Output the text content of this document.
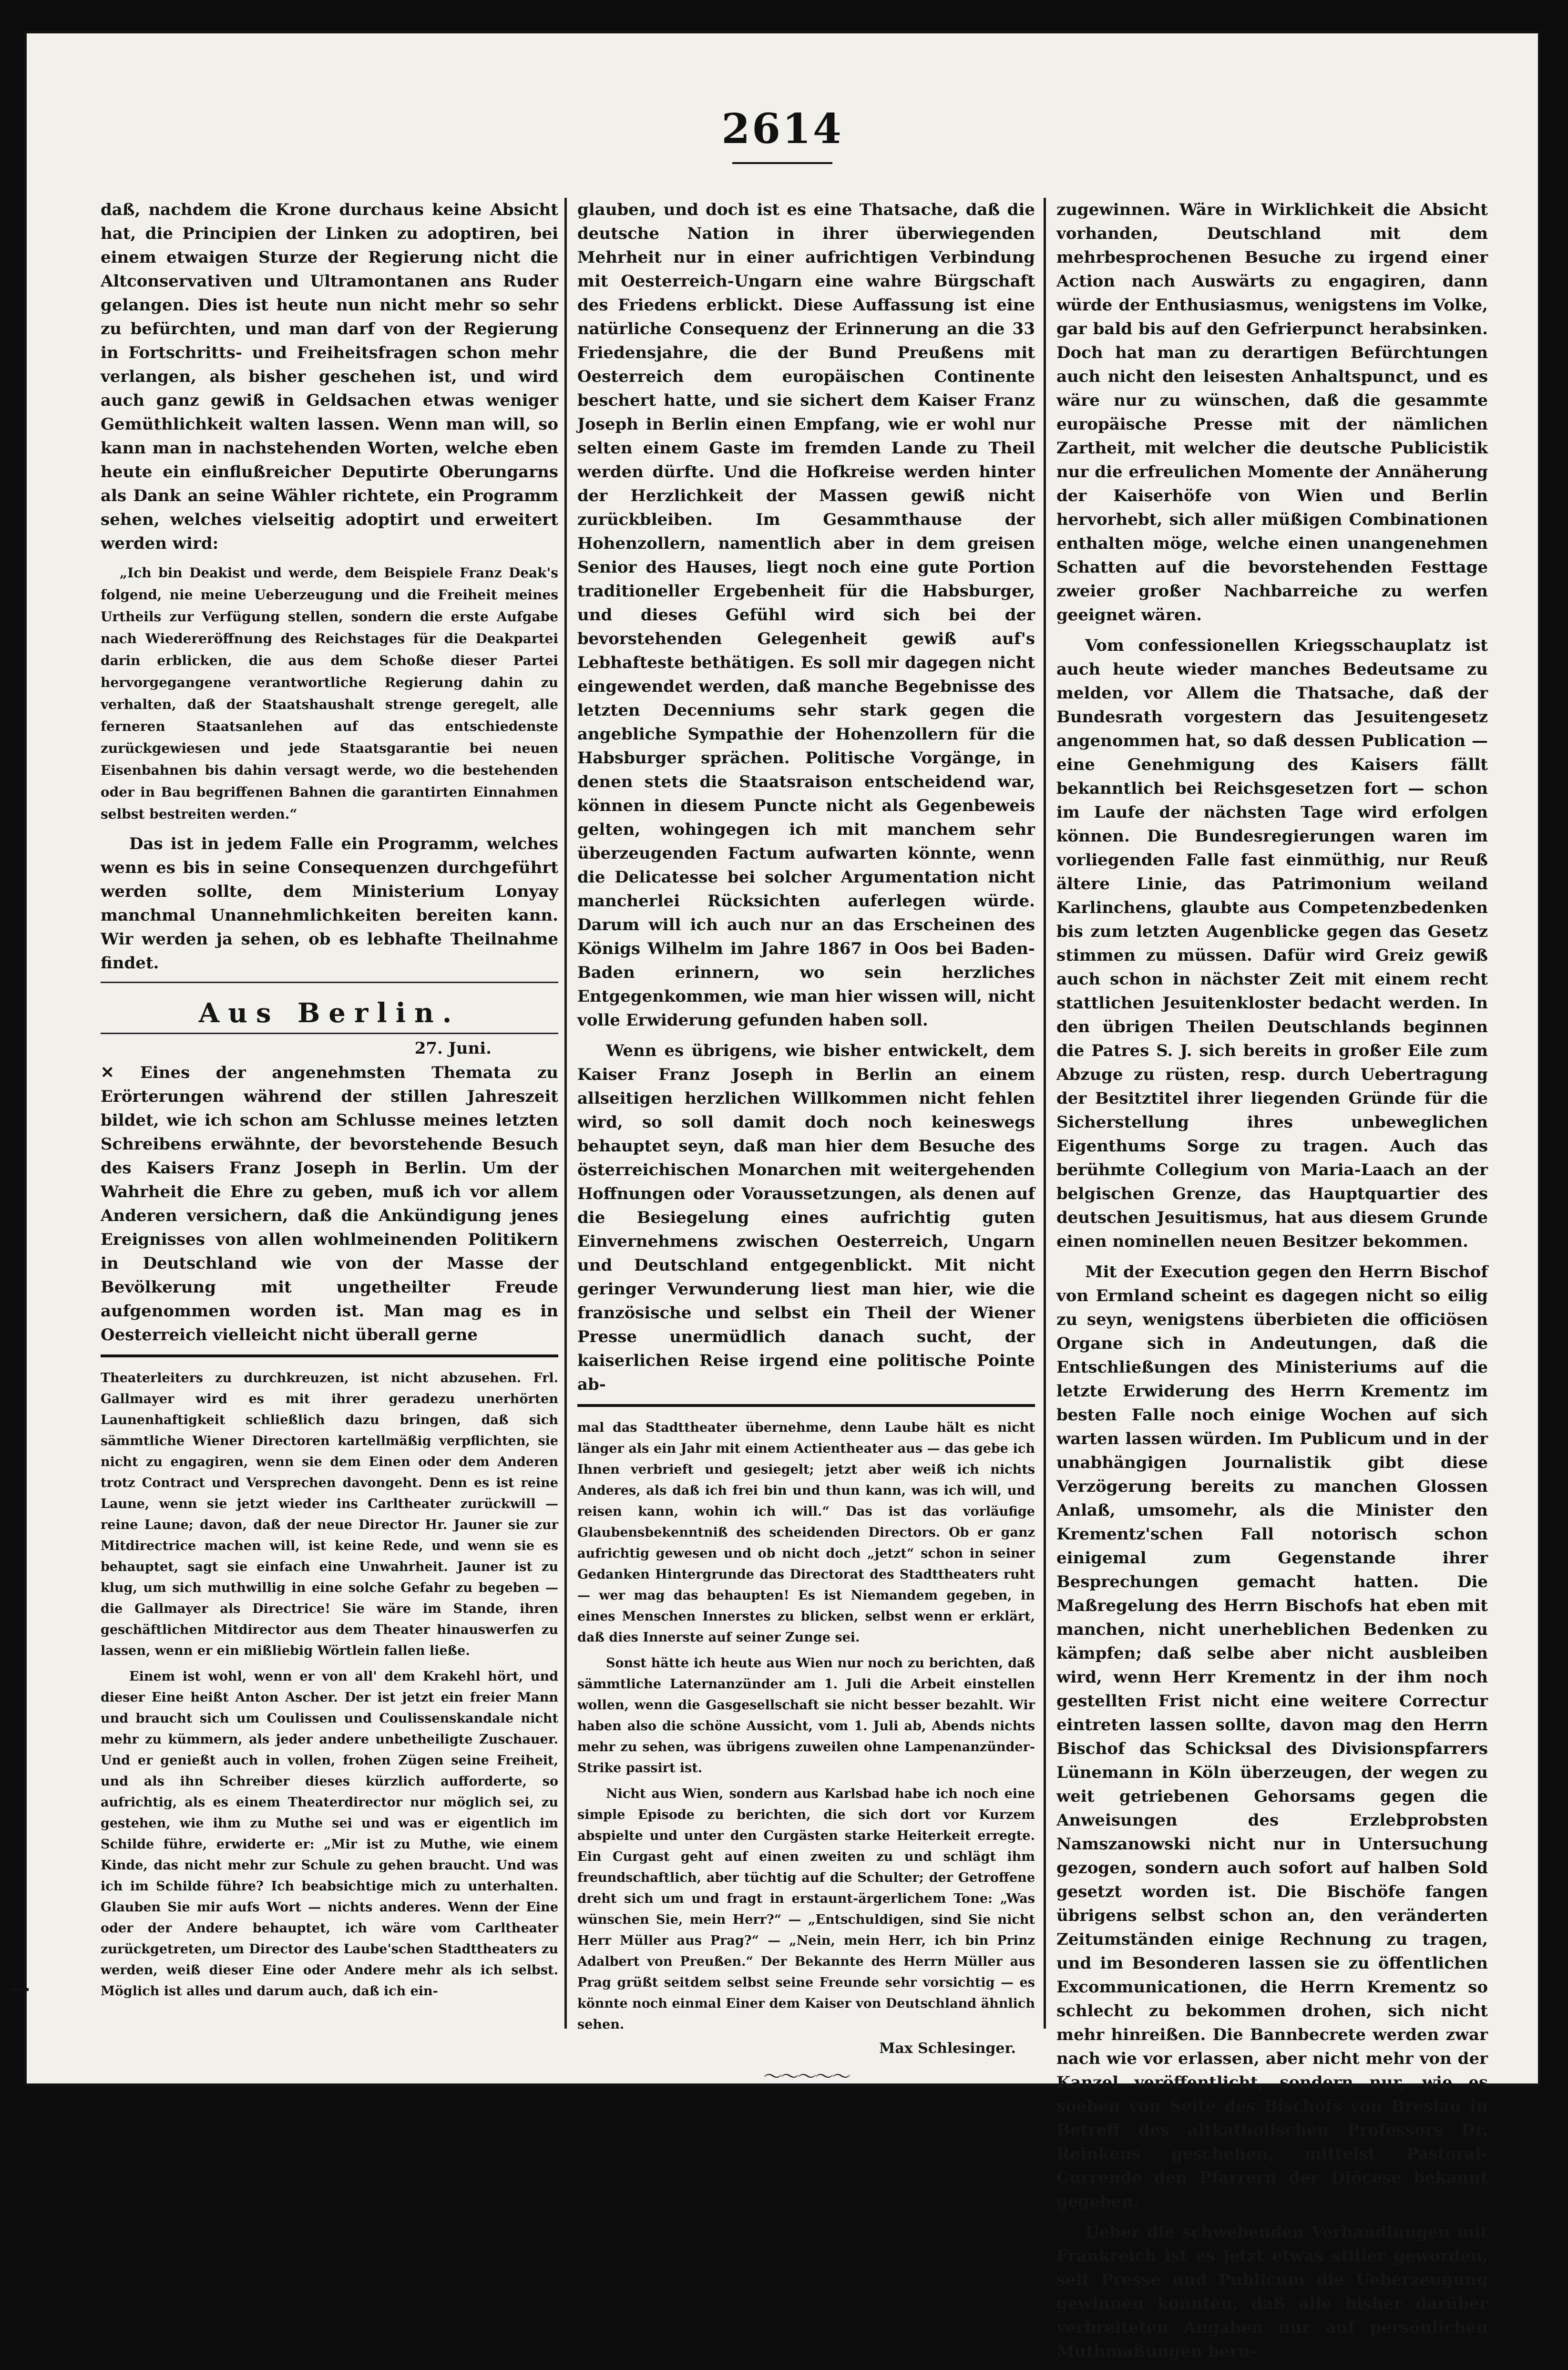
2614

daß, nachdem die Krone durchaus keine Absicht hat, die Principien der Linken zu adoptiren, bei einem etwaigen Sturze der Regierung nicht die Altconservativen und Ultramontanen ans Ruder gelangen. Dies ist heute nun nicht mehr so sehr zu befürchten, und man darf von der Regierung in Fortschritts- und Freiheitsfragen schon mehr verlangen, als bisher geschehen ist, und wird auch ganz gewiß in Geldsachen etwas weniger Gemüthlichkeit walten lassen. Wenn man will, so kann man in nachstehenden Worten, welche eben heute ein einflußreicher Deputirte Oberungarns als Dank an seine Wähler richtete, ein Programm sehen, welches vielseitig adoptirt und erweitert werden wird:

„Ich bin Deakist und werde, dem Beispiele Franz Deak's folgend, nie meine Ueberzeugung und die Freiheit meines Urtheils zur Verfügung stellen, sondern die erste Aufgabe nach Wiedereröffnung des Reichstages für die Deakpartei darin erblicken, die aus dem Schoße dieser Partei hervorgegangene verantwortliche Regierung dahin zu verhalten, daß der Staatshaushalt strenge geregelt, alle ferneren Staatsanlehen auf das entschiedenste zurückgewiesen und jede Staatsgarantie bei neuen Eisenbahnen bis dahin versagt werde, wo die bestehenden oder in Bau begriffenen Bahnen die garantirten Einnahmen selbst bestreiten werden.“

Das ist in jedem Falle ein Programm, welches wenn es bis in seine Consequenzen durchgeführt werden sollte, dem Ministerium Lonyay manchmal Unannehmlichkeiten bereiten kann. Wir werden ja sehen, ob es lebhafte Theilnahme findet.

Aus Berlin.
27. Juni.

✕ Eines der angenehmsten Themata zu Erörterungen während der stillen Jahreszeit bildet, wie ich schon am Schlusse meines letzten Schreibens erwähnte, der bevorstehende Besuch des Kaisers Franz Joseph in Berlin. Um der Wahrheit die Ehre zu geben, muß ich vor allem Anderen versichern, daß die Ankündigung jenes Ereignisses von allen wohlmeinenden Politikern in Deutschland wie von der Masse der Bevölkerung mit ungetheilter Freude aufgenommen worden ist. Man mag es in Oesterreich vielleicht nicht überall gerne

Theaterleiters zu durchkreuzen, ist nicht abzusehen. Frl. Gallmayer wird es mit ihrer geradezu unerhörten Launenhaftigkeit schließlich dazu bringen, daß sich sämmtliche Wiener Directoren kartellmäßig verpflichten, sie nicht zu engagiren, wenn sie dem Einen oder dem Anderen trotz Contract und Versprechen davongeht. Denn es ist reine Laune, wenn sie jetzt wieder ins Carltheater zurückwill — reine Laune; davon, daß der neue Director Hr. Jauner sie zur Mitdirectrice machen will, ist keine Rede, und wenn sie es behauptet, sagt sie einfach eine Unwahrheit. Jauner ist zu klug, um sich muthwillig in eine solche Gefahr zu begeben — die Gallmayer als Directrice! Sie wäre im Stande, ihren geschäftlichen Mitdirector aus dem Theater hinauswerfen zu lassen, wenn er ein mißliebig Wörtlein fallen ließe.

Einem ist wohl, wenn er von all' dem Krakehl hört, und dieser Eine heißt Anton Ascher. Der ist jetzt ein freier Mann und braucht sich um Coulissen und Coulissenskandale nicht mehr zu kümmern, als jeder andere unbetheiligte Zuschauer. Und er genießt auch in vollen, frohen Zügen seine Freiheit, und als ihn Schreiber dieses kürzlich aufforderte, so aufrichtig, als es einem Theaterdirector nur möglich sei, zu gestehen, wie ihm zu Muthe sei und was er eigentlich im Schilde führe, erwiderte er: „Mir ist zu Muthe, wie einem Kinde, das nicht mehr zur Schule zu gehen braucht. Und was ich im Schilde führe? Ich beabsichtige mich zu unterhalten. Glauben Sie mir aufs Wort — nichts anderes. Wenn der Eine oder der Andere behauptet, ich wäre vom Carltheater zurückgetreten, um Director des Laube'schen Stadttheaters zu werden, weiß dieser Eine oder Andere mehr als ich selbst. Möglich ist alles und darum auch, daß ich ein-

glauben, und doch ist es eine Thatsache, daß die deutsche Nation in ihrer überwiegenden Mehrheit nur in einer aufrichtigen Verbindung mit Oesterreich-Ungarn eine wahre Bürgschaft des Friedens erblickt. Diese Auffassung ist eine natürliche Consequenz der Erinnerung an die 33 Friedensjahre, die der Bund Preußens mit Oesterreich dem europäischen Continente beschert hatte, und sie sichert dem Kaiser Franz Joseph in Berlin einen Empfang, wie er wohl nur selten einem Gaste im fremden Lande zu Theil werden dürfte. Und die Hofkreise werden hinter der Herzlichkeit der Massen gewiß nicht zurückbleiben. Im Gesammthause der Hohenzollern, namentlich aber in dem greisen Senior des Hauses, liegt noch eine gute Portion traditioneller Ergebenheit für die Habsburger, und dieses Gefühl wird sich bei der bevorstehenden Gelegenheit gewiß auf's Lebhafteste bethätigen. Es soll mir dagegen nicht eingewendet werden, daß manche Begebnisse des letzten Decenniums sehr stark gegen die angebliche Sympathie der Hohenzollern für die Habsburger sprächen. Politische Vorgänge, in denen stets die Staatsraison entscheidend war, können in diesem Puncte nicht als Gegenbeweis gelten, wohingegen ich mit manchem sehr überzeugenden Factum aufwarten könnte, wenn die Delicatesse bei solcher Argumentation nicht mancherlei Rücksichten auferlegen würde. Darum will ich auch nur an das Erscheinen des Königs Wilhelm im Jahre 1867 in Oos bei Baden-Baden erinnern, wo sein herzliches Entgegenkommen, wie man hier wissen will, nicht volle Erwiderung gefunden haben soll.

Wenn es übrigens, wie bisher entwickelt, dem Kaiser Franz Joseph in Berlin an einem allseitigen herzlichen Willkommen nicht fehlen wird, so soll damit doch noch keineswegs behauptet seyn, daß man hier dem Besuche des österreichischen Monarchen mit weitergehenden Hoffnungen oder Voraussetzungen, als denen auf die Besiegelung eines aufrichtig guten Einvernehmens zwischen Oesterreich, Ungarn und Deutschland entgegenblickt. Mit nicht geringer Verwunderung liest man hier, wie die französische und selbst ein Theil der Wiener Presse unermüdlich danach sucht, der kaiserlichen Reise irgend eine politische Pointe ab-

mal das Stadttheater übernehme, denn Laube hält es nicht länger als ein Jahr mit einem Actientheater aus — das gebe ich Ihnen verbrieft und gesiegelt; jetzt aber weiß ich nichts Anderes, als daß ich frei bin und thun kann, was ich will, und reisen kann, wohin ich will.“ Das ist das vorläufige Glaubensbekenntniß des scheidenden Directors. Ob er ganz aufrichtig gewesen und ob nicht doch „jetzt“ schon in seiner Gedanken Hintergrunde das Directorat des Stadttheaters ruht — wer mag das behaupten! Es ist Niemandem gegeben, in eines Menschen Innerstes zu blicken, selbst wenn er erklärt, daß dies Innerste auf seiner Zunge sei.

Sonst hätte ich heute aus Wien nur noch zu berichten, daß sämmtliche Laternanzünder am 1. Juli die Arbeit einstellen wollen, wenn die Gasgesellschaft sie nicht besser bezahlt. Wir haben also die schöne Aussicht, vom 1. Juli ab, Abends nichts mehr zu sehen, was übrigens zuweilen ohne Lampenanzünder-Strike passirt ist.

Nicht aus Wien, sondern aus Karlsbad habe ich noch eine simple Episode zu berichten, die sich dort vor Kurzem abspielte und unter den Curgästen starke Heiterkeit erregte. Ein Curgast geht auf einen zweiten zu und schlägt ihm freundschaftlich, aber tüchtig auf die Schulter; der Getroffene dreht sich um und fragt in erstaunt-ärgerlichem Tone: „Was wünschen Sie, mein Herr?“ — „Entschuldigen, sind Sie nicht Herr Müller aus Prag?“ — „Nein, mein Herr, ich bin Prinz Adalbert von Preußen.“ Der Bekannte des Herrn Müller aus Prag grüßt seitdem selbst seine Freunde sehr vorsichtig — es könnte noch einmal Einer dem Kaiser von Deutschland ähnlich sehen.

Max Schlesinger.
～～～～～

zugewinnen. Wäre in Wirklichkeit die Absicht vorhanden, Deutschland mit dem mehrbesprochenen Besuche zu irgend einer Action nach Auswärts zu engagiren, dann würde der Enthusiasmus, wenigstens im Volke, gar bald bis auf den Gefrierpunct herabsinken. Doch hat man zu derartigen Befürchtungen auch nicht den leisesten Anhaltspunct, und es wäre nur zu wünschen, daß die gesammte europäische Presse mit der nämlichen Zartheit, mit welcher die deutsche Publicistik nur die erfreulichen Momente der Annäherung der Kaiserhöfe von Wien und Berlin hervorhebt, sich aller müßigen Combinationen enthalten möge, welche einen unangenehmen Schatten auf die bevorstehenden Festtage zweier großer Nachbarreiche zu werfen geeignet wären.

Vom confessionellen Kriegsschauplatz ist auch heute wieder manches Bedeutsame zu melden, vor Allem die Thatsache, daß der Bundesrath vorgestern das Jesuitengesetz angenommen hat, so daß dessen Publication — eine Genehmigung des Kaisers fällt bekanntlich bei Reichsgesetzen fort — schon im Laufe der nächsten Tage wird erfolgen können. Die Bundesregierungen waren im vorliegenden Falle fast einmüthig, nur Reuß ältere Linie, das Patrimonium weiland Karlinchens, glaubte aus Competenzbedenken bis zum letzten Augenblicke gegen das Gesetz stimmen zu müssen. Dafür wird Greiz gewiß auch schon in nächster Zeit mit einem recht stattlichen Jesuitenkloster bedacht werden. In den übrigen Theilen Deutschlands beginnen die Patres S. J. sich bereits in großer Eile zum Abzuge zu rüsten, resp. durch Uebertragung der Besitztitel ihrer liegenden Gründe für die Sicherstellung ihres unbeweglichen Eigenthums Sorge zu tragen. Auch das berühmte Collegium von Maria-Laach an der belgischen Grenze, das Hauptquartier des deutschen Jesuitismus, hat aus diesem Grunde einen nominellen neuen Besitzer bekommen.

Mit der Execution gegen den Herrn Bischof von Ermland scheint es dagegen nicht so eilig zu seyn, wenigstens überbieten die officiösen Organe sich in Andeutungen, daß die Entschließungen des Ministeriums auf die letzte Erwiderung des Herrn Krementz im besten Falle noch einige Wochen auf sich warten lassen würden. Im Publicum und in der unabhängigen Journalistik gibt diese Verzögerung bereits zu manchen Glossen Anlaß, umsomehr, als die Minister den Krementz'schen Fall notorisch schon einigemal zum Gegenstande ihrer Besprechungen gemacht hatten. Die Maßregelung des Herrn Bischofs hat eben mit manchen, nicht unerheblichen Bedenken zu kämpfen; daß selbe aber nicht ausbleiben wird, wenn Herr Krementz in der ihm noch gestellten Frist nicht eine weitere Correctur eintreten lassen sollte, davon mag den Herrn Bischof das Schicksal des Divisionspfarrers Lünemann in Köln überzeugen, der wegen zu weit getriebenen Gehorsams gegen die Anweisungen des Erzlebprobsten Namszanowski nicht nur in Untersuchung gezogen, sondern auch sofort auf halben Sold gesetzt worden ist. Die Bischöfe fangen übrigens selbst schon an, den veränderten Zeitumständen einige Rechnung zu tragen, und im Besonderen lassen sie zu öffentlichen Excommunicationen, die Herrn Krementz so schlecht zu bekommen drohen, sich nicht mehr hinreißen. Die Bannbecrete werden zwar nach wie vor erlassen, aber nicht mehr von der Kanzel veröffentlicht, sondern nur, wie es soeben von Seite des Bischofs von Breslau in Betreff des altkatholischen Professors Dr. Reinkens geschehen, mittelst Pastoral-Currende den Pfarrern der Diöcese bekannt gegeben.

Ueber die schwebenden Verhandlungen mit Frankreich ist es jetzt etwas stiller geworden, seit Presse und Publicum die Ueberzeugung gewinnen konnten, daß alle bisher darüber verbreiteten Angaben nur auf persönlichen Muthmaßungen beru-
